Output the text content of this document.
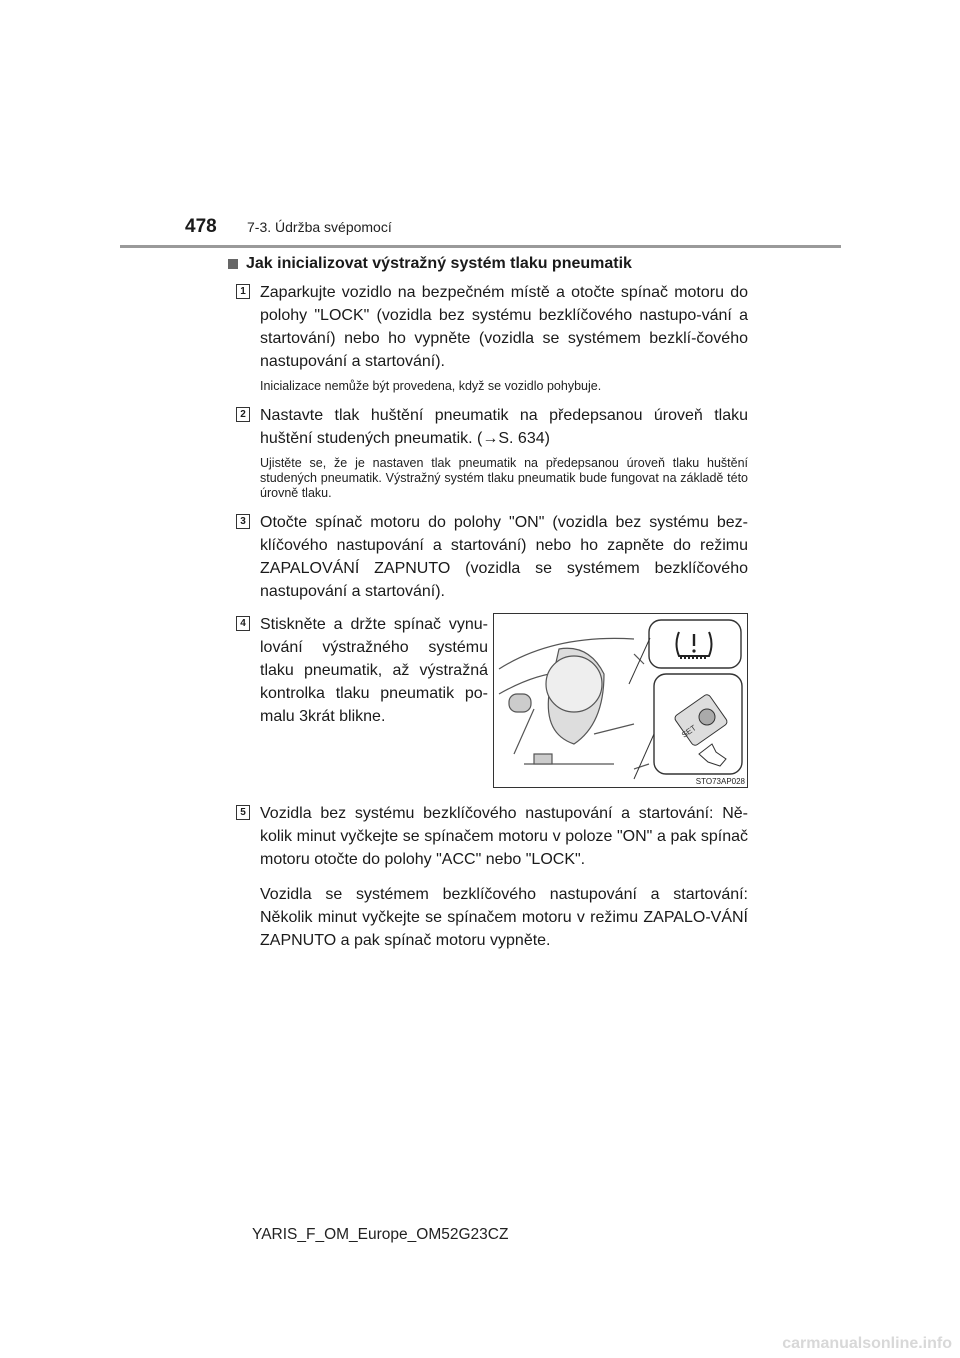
478	7-3. Údržba svépomocí
Jak inicializovat výstražný systém tlaku pneumatik
1 Zaparkujte vozidlo na bezpečném místě a otočte spínač motoru do polohy "LOCK" (vozidla bez systému bezklíčového nastupo-vání a startování) nebo ho vypněte (vozidla se systémem bezklí-čového nastupování a startování).

Inicializace nemůže být provedena, když se vozidlo pohybuje.

2 Nastavte tlak huštění pneumatik na předepsanou úroveň tlaku huštění studených pneumatik. (→S. 634)

Ujistěte se, že je nastaven tlak pneumatik na předepsanou úroveň tlaku huštění studených pneumatik. Výstražný systém tlaku pneumatik bude fungovat na základě této úrovně tlaku.

3 Otočte spínač motoru do polohy "ON" (vozidla bez systému bez-klíčového nastupování a startování) nebo ho zapněte do režimu ZAPALOVÁNÍ ZAPNUTO (vozidla se systémem bezklíčového nastupování a startování).

4 Stiskněte a držte spínač vynu-lování výstražného systému tlaku pneumatik, až výstražná kontrolka tlaku pneumatik po-malu 3krát blikne.

SET
STO73AP028
5 Vozidla bez systému bezklíčového nastupování a startování: Ně-kolik minut vyčkejte se spínačem motoru v poloze "ON" a pak spínač motoru otočte do polohy "ACC" nebo "LOCK".

Vozidla se systémem bezklíčového nastupování a startování: Několik minut vyčkejte se spínačem motoru v režimu ZAPALO-VÁNÍ ZAPNUTO a pak spínač motoru vypněte.

YARIS_F_OM_Europe_OM52G23CZ
carmanualsonline.info
